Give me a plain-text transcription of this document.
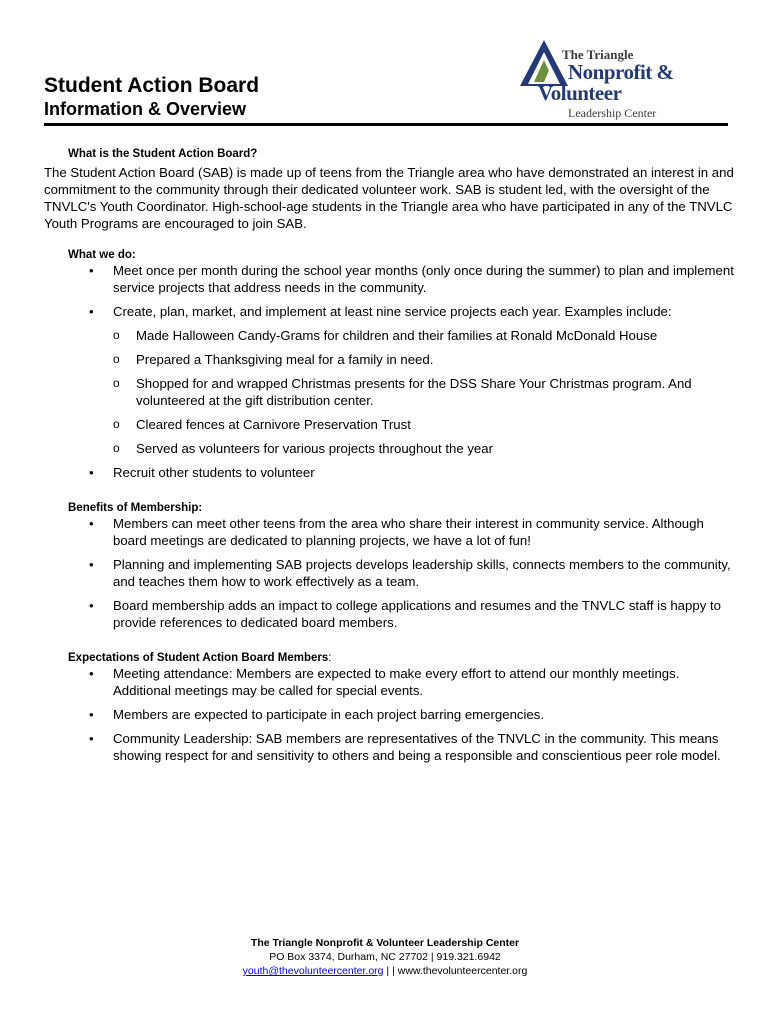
Student Action Board
Information & Overview
The Triangle
Nonprofit &
Volunteer
Leadership Center
What is the Student Action Board?

The Student Action Board (SAB) is made up of teens from the Triangle area who have demonstrated an interest in and commitment to the community through their dedicated volunteer work. SAB is student led, with the oversight of the TNVLC's Youth Coordinator. High-school-age students in the Triangle area who have participated in any of the TNVLC Youth Programs are encouraged to join SAB.

What we do:
• Meet once per month during the school year months (only once during the summer) to plan and implement service projects that address needs in the community.
• Create, plan, market, and implement at least nine service projects each year. Examples include:
o Made Halloween Candy-Grams for children and their families at Ronald McDonald House
o Prepared a Thanksgiving meal for a family in need.
o Shopped for and wrapped Christmas presents for the DSS Share Your Christmas program. And volunteered at the gift distribution center.
o Cleared fences at Carnivore Preservation Trust
o Served as volunteers for various projects throughout the year
• Recruit other students to volunteer
Benefits of Membership:
• Members can meet other teens from the area who share their interest in community service. Although board meetings are dedicated to planning projects, we have a lot of fun!
• Planning and implementing SAB projects develops leadership skills, connects members to the community, and teaches them how to work effectively as a team.
• Board membership adds an impact to college applications and resumes and the TNVLC staff is happy to provide references to dedicated board members.
Expectations of Student Action Board Members:
• Meeting attendance: Members are expected to make every effort to attend our monthly meetings. Additional meetings may be called for special events.
• Members are expected to participate in each project barring emergencies.
• Community Leadership: SAB members are representatives of the TNVLC in the community. This means showing respect for and sensitivity to others and being a responsible and conscientious peer role model.
The Triangle Nonprofit & Volunteer Leadership Center
PO Box 3374, Durham, NC 27702 | 919.321.6942
youth@thevolunteercenter.org | | www.thevolunteercenter.org
